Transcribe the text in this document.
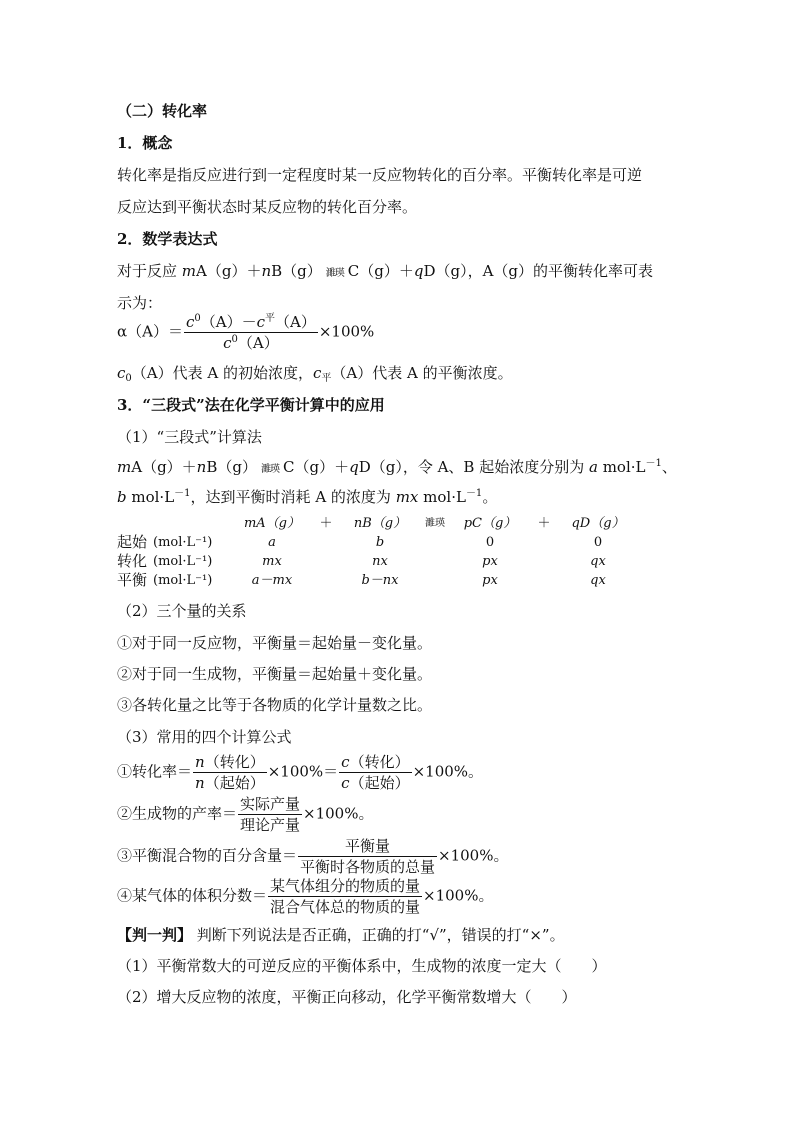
（二）转化率
1．概念
转化率是指反应进行到一定程度时某一反应物转化的百分率。平衡转化率是可逆
反应达到平衡状态时某反应物的转化百分率。
2．数学表达式
对于反应 mA（g）＋nB（g） 濉瑛 C（g）＋qD（g），A（g）的平衡转化率可表
示为：
$\alpha(A)= \frac{c^0(A)-c^平(A)}{c^0(A)} \times 100\%$
$c_0(A)$代表 A 的初始浓度，$c_平(A)$代表 A 的平衡浓度。
3．“三段式”法在化学平衡计算中的应用
（1）“三段式”计算法
mA（g）＋nB（g） 濉瑛 C（g）＋qD（g），令 A、B 起始浓度分别为 a $mol\cdot L^{-1}$、
b $mol\cdot L^{-1}$，达到平衡时消耗 A 的浓度为 mx $mol\cdot L^{-1}$。
		mA（g）	＋	nB（g）	濉瑛	pC（g）	＋	qD（g）
起始	(mol·L⁻¹)	a		b		0		0
转化	(mol·L⁻¹)	mx		nx		px		qx
平衡	(mol·L⁻¹)	a－mx		b－nx		px		qx
（2）三个量的关系
①对于同一反应物，平衡量＝起始量－变化量。
②对于同一生成物，平衡量＝起始量＋变化量。
③各转化量之比等于各物质的化学计量数之比。
（3）常用的四个计算公式
①转化率＝ $\frac{\text{n（转化）}}{\text{n（起始）}} \times 100\%= \frac{\text{c（转化）}}{\text{c（起始）}} \times 100\%$。
②生成物的产率＝ $\frac{\text{实际产量}}{\text{理论产量}} \times 100\%$。
③平衡混合物的百分含量＝ $\frac{\text{平衡量}}{\text{平衡时各物质的总量}} \times 100\%$。
④某气体的体积分数＝ $\frac{\text{某气体组分的物质的量}}{\text{混合气体总的物质的量}} \times 100\%$。
【判一判】 判断下列说法是否正确，正确的打“√”，错误的打“×”。
（1）平衡常数大的可逆反应的平衡体系中，生成物的浓度一定大（　　）
（2）增大反应物的浓度，平衡正向移动，化学平衡常数增大（　　）
